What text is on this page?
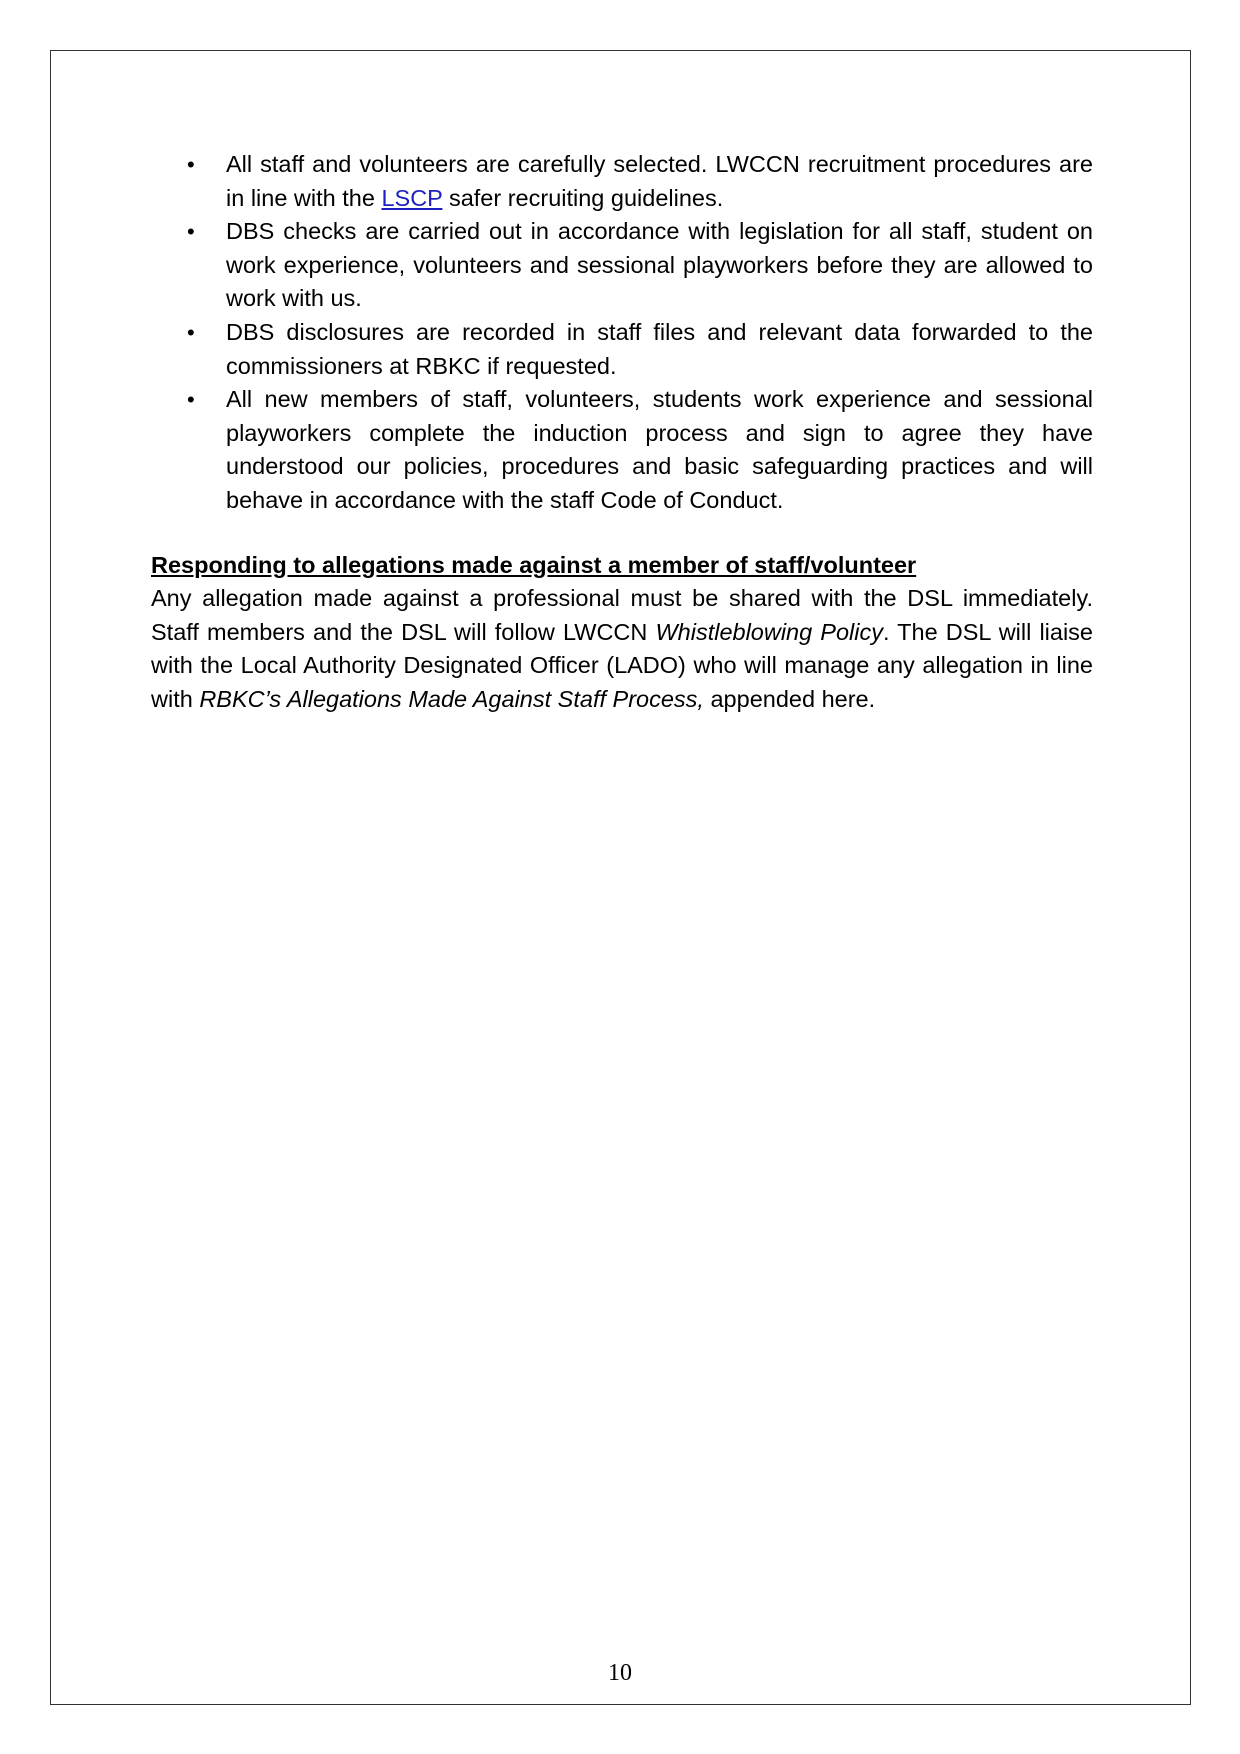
• All staff and volunteers are carefully selected. LWCCN recruitment procedures are in line with the LSCP safer recruiting guidelines.
• DBS checks are carried out in accordance with legislation for all staff, student on work experience, volunteers and sessional playworkers before they are allowed to work with us.
• DBS disclosures are recorded in staff files and relevant data forwarded to the commissioners at RBKC if requested.
• All new members of staff, volunteers, students work experience and sessional playworkers complete the induction process and sign to agree they have understood our policies, procedures and basic safeguarding practices and will behave in accordance with the staff Code of Conduct.

Responding to allegations made against a member of staff/volunteer

Any allegation made against a professional must be shared with the DSL immediately. Staff members and the DSL will follow LWCCN Whistleblowing Policy. The DSL will liaise with the Local Authority Designated Officer (LADO) who will manage any allegation in line with RBKC’s Allegations Made Against Staff Process, appended here.

10
